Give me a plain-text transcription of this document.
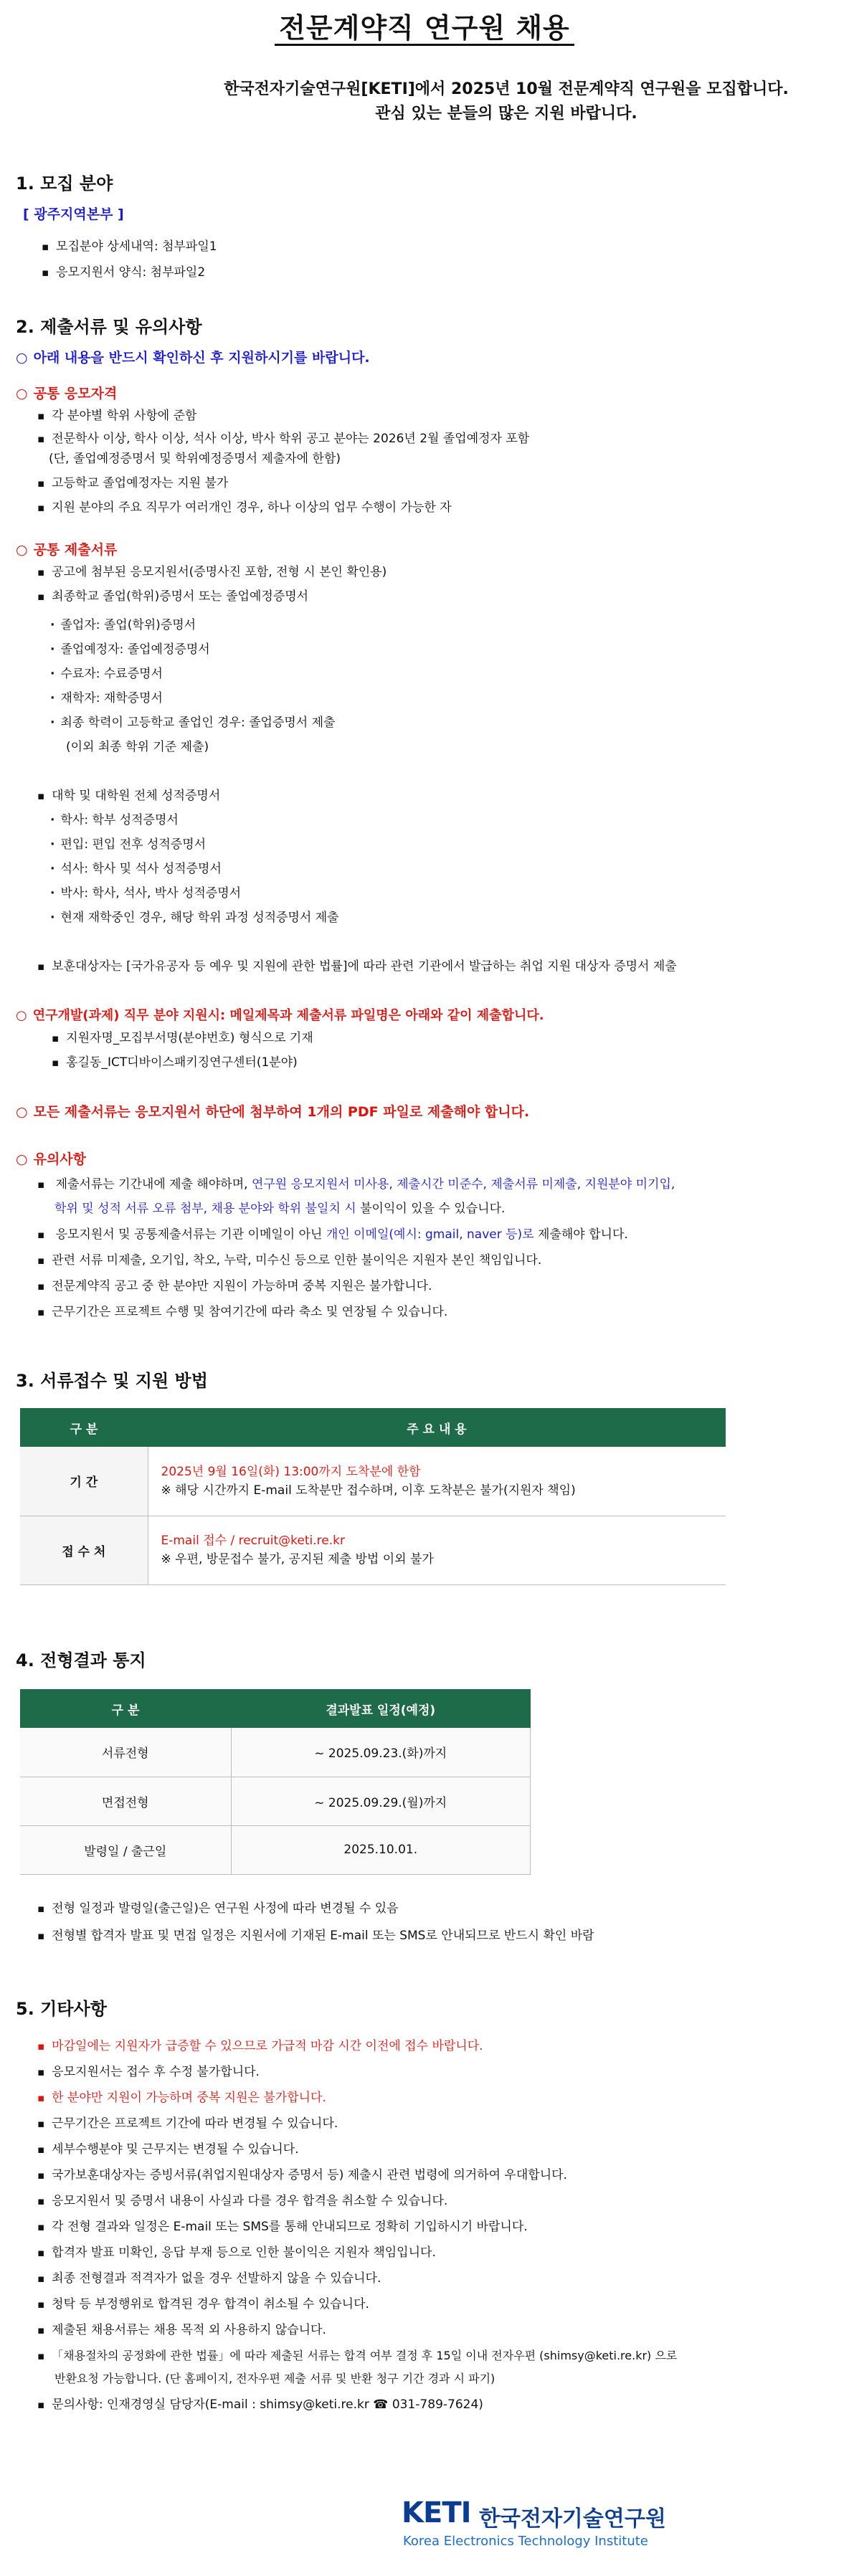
전문계약직 연구원 채용
한국전자기술연구원[KETI]에서 2025년 10월 전문계약직 연구원을 모집합니다.
관심 있는 분들의 많은 지원 바랍니다.
1. 모집 분야
[ 광주지역본부 ]
▪ 모집분야 상세내역: 첨부파일1
▪ 응모지원서 양식: 첨부파일2
2. 제출서류 및 유의사항
○ 아래 내용을 반드시 확인하신 후 지원하시기를 바랍니다.
○ 공통 응모자격
▪ 각 분야별 학위 사항에 준함
▪ 전문학사 이상, 학사 이상, 석사 이상, 박사 학위 공고 분야는 2026년 2월 졸업예정자 포함
(단, 졸업예정증명서 및 학위예정증명서 제출자에 한함)
▪ 고등학교 졸업예정자는 지원 불가
▪ 지원 분야의 주요 직무가 여러개인 경우, 하나 이상의 업무 수행이 가능한 자
○ 공통 제출서류
▪ 공고에 첨부된 응모지원서(증명사진 포함, 전형 시 본인 확인용)
▪ 최종학교 졸업(학위)증명서 또는 졸업예정증명서
· 졸업자: 졸업(학위)증명서
· 졸업예정자: 졸업예정증명서
· 수료자: 수료증명서
· 재학자: 재학증명서
· 최종 학력이 고등학교 졸업인 경우: 졸업증명서 제출
(이외 최종 학위 기준 제출)
▪ 대학 및 대학원 전체 성적증명서
· 학사: 학부 성적증명서
· 편입: 편입 전후 성적증명서
· 석사: 학사 및 석사 성적증명서
· 박사: 학사, 석사, 박사 성적증명서
· 현재 재학중인 경우, 해당 학위 과정 성적증명서 제출
▪ 보훈대상자는 [국가유공자 등 예우 및 지원에 관한 법률]에 따라 관련 기관에서 발급하는 취업 지원 대상자 증명서 제출
○ 연구개발(과제) 직무 분야 지원시: 메일제목과 제출서류 파일명은 아래와 같이 제출합니다.
▪ 지원자명_모집부서명(분야번호) 형식으로 기재
▪ 홍길동_ICT디바이스패키징연구센터(1분야)
○ 모든 제출서류는 응모지원서 하단에 첨부하여 1개의 PDF 파일로 제출해야 합니다.
○ 유의사항
▪ 제출서류는 기간내에 제출 해야하며, 연구원 응모지원서 미사용, 제출시간 미준수, 제출서류 미제출, 지원분야 미기입,
학위 및 성적 서류 오류 첨부, 채용 분야와 학위 불일치 시 불이익이 있을 수 있습니다.
▪ 응모지원서 및 공통제출서류는 기관 이메일이 아닌 개인 이메일(예시: gmail, naver 등)로 제출해야 합니다.
▪ 관련 서류 미제출, 오기입, 착오, 누락, 미수신 등으로 인한 불이익은 지원자 본인 책임입니다.
▪ 전문계약직 공고 중 한 분야만 지원이 가능하며 중복 지원은 불가합니다.
▪ 근무기간은 프로젝트 수행 및 참여기간에 따라 축소 및 연장될 수 있습니다.
3. 서류접수 및 지원 방법
구 분	주 요 내 용
기 간	2025년 9월 16일(화) 13:00까지 도착분에 한함
※ 해당 시간까지 E-mail 도착분만 접수하며, 이후 도착분은 불가(지원자 책임)

접 수 처	E-mail 접수 / recruit@keti.re.kr
※ 우편, 방문접수 불가, 공지된 제출 방법 이외 불가
4. 전형결과 통지
구 분	결과발표 일정(예정)
서류전형	~ 2025.09.23.(화)까지
면접전형	~ 2025.09.29.(월)까지
발령일 / 출근일	2025.10.01.
▪ 전형 일정과 발령일(출근일)은 연구원 사정에 따라 변경될 수 있음
▪ 전형별 합격자 발표 및 면접 일정은 지원서에 기재된 E-mail 또는 SMS로 안내되므로 반드시 확인 바람
5. 기타사항
▪ 마감일에는 지원자가 급증할 수 있으므로 가급적 마감 시간 이전에 접수 바랍니다.
▪ 응모지원서는 접수 후 수정 불가합니다.
▪ 한 분야만 지원이 가능하며 중복 지원은 불가합니다.
▪ 근무기간은 프로젝트 기간에 따라 변경될 수 있습니다.
▪ 세부수행분야 및 근무지는 변경될 수 있습니다.
▪ 국가보훈대상자는 증빙서류(취업지원대상자 증명서 등) 제출시 관련 법령에 의거하여 우대합니다.
▪ 응모지원서 및 증명서 내용이 사실과 다를 경우 합격을 취소할 수 있습니다.
▪ 각 전형 결과와 일정은 E-mail 또는 SMS를 통해 안내되므로 정확히 기입하시기 바랍니다.
▪ 합격자 발표 미확인, 응답 부재 등으로 인한 불이익은 지원자 책임입니다.
▪ 최종 전형결과 적격자가 없을 경우 선발하지 않을 수 있습니다.
▪ 청탁 등 부정행위로 합격된 경우 합격이 취소될 수 있습니다.
▪ 제출된 채용서류는 채용 목적 외 사용하지 않습니다.
▪ 「채용절차의 공정화에 관한 법률」에 따라 제출된 서류는 합격 여부 결정 후 15일 이내 전자우편 (shimsy@keti.re.kr) 으로
반환요청 가능합니다. (단 홈페이지, 전자우편 제출 서류 및 반환 청구 기간 경과 시 파기)
▪ 문의사항: 인재경영실 담당자(E-mail : shimsy@keti.re.kr ☎ 031-789-7624)
KETI 한국전자기술연구원
Korea Electronics Technology Institute
